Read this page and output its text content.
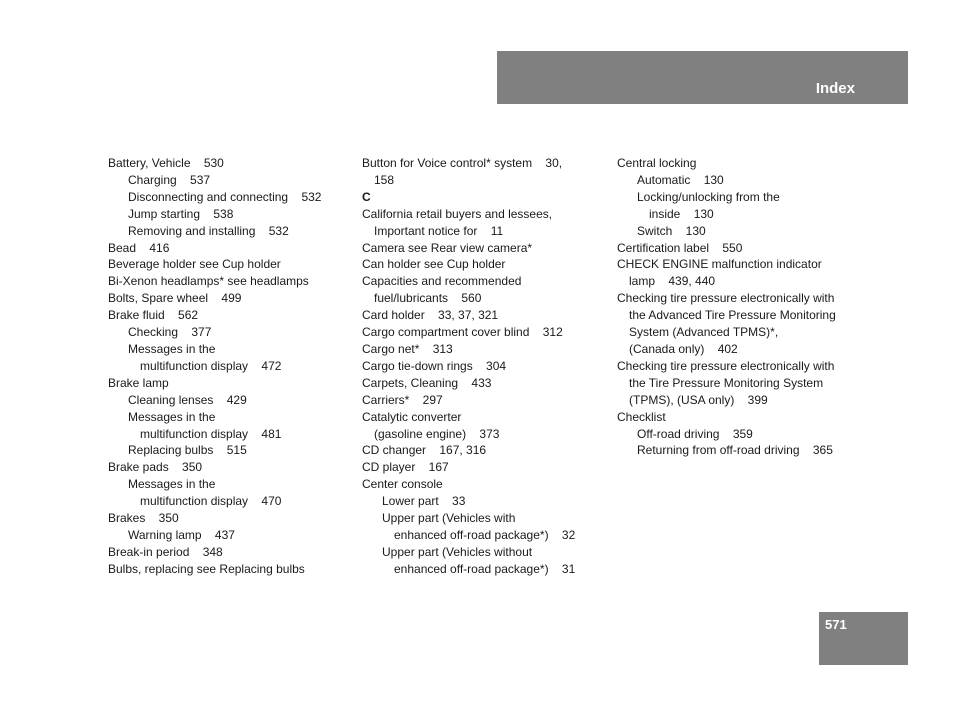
Index
Battery, Vehicle    530
Charging    537
Disconnecting and connecting    532
Jump starting    538
Removing and installing    532
Bead    416
Beverage holder see Cup holder
Bi-Xenon headlamps* see headlamps
Bolts, Spare wheel    499
Brake fluid    562
Checking    377
Messages in the
multifunction display    472
Brake lamp
Cleaning lenses    429
Messages in the
multifunction display    481
Replacing bulbs    515
Brake pads    350
Messages in the
multifunction display    470
Brakes    350
Warning lamp    437
Break-in period    348
Bulbs, replacing see Replacing bulbs
Button for Voice control* system    30,
158
C
California retail buyers and lessees,
Important notice for    11
Camera see Rear view camera*
Can holder see Cup holder
Capacities and recommended
fuel/lubricants    560
Card holder    33, 37, 321
Cargo compartment cover blind    312
Cargo net*    313
Cargo tie-down rings    304
Carpets, Cleaning    433
Carriers*    297
Catalytic converter
(gasoline engine)    373
CD changer    167, 316
CD player    167
Center console
Lower part    33
Upper part (Vehicles with
enhanced off-road package*)    32
Upper part (Vehicles without
enhanced off-road package*)    31
Central locking
Automatic    130
Locking/unlocking from the
inside    130
Switch    130
Certification label    550
CHECK ENGINE malfunction indicator
lamp    439, 440
Checking tire pressure electronically with
the Advanced Tire Pressure Monitoring
System (Advanced TPMS)*,
(Canada only)    402
Checking tire pressure electronically with
the Tire Pressure Monitoring System
(TPMS), (USA only)    399
Checklist
Off-road driving    359
Returning from off-road driving    365
571
